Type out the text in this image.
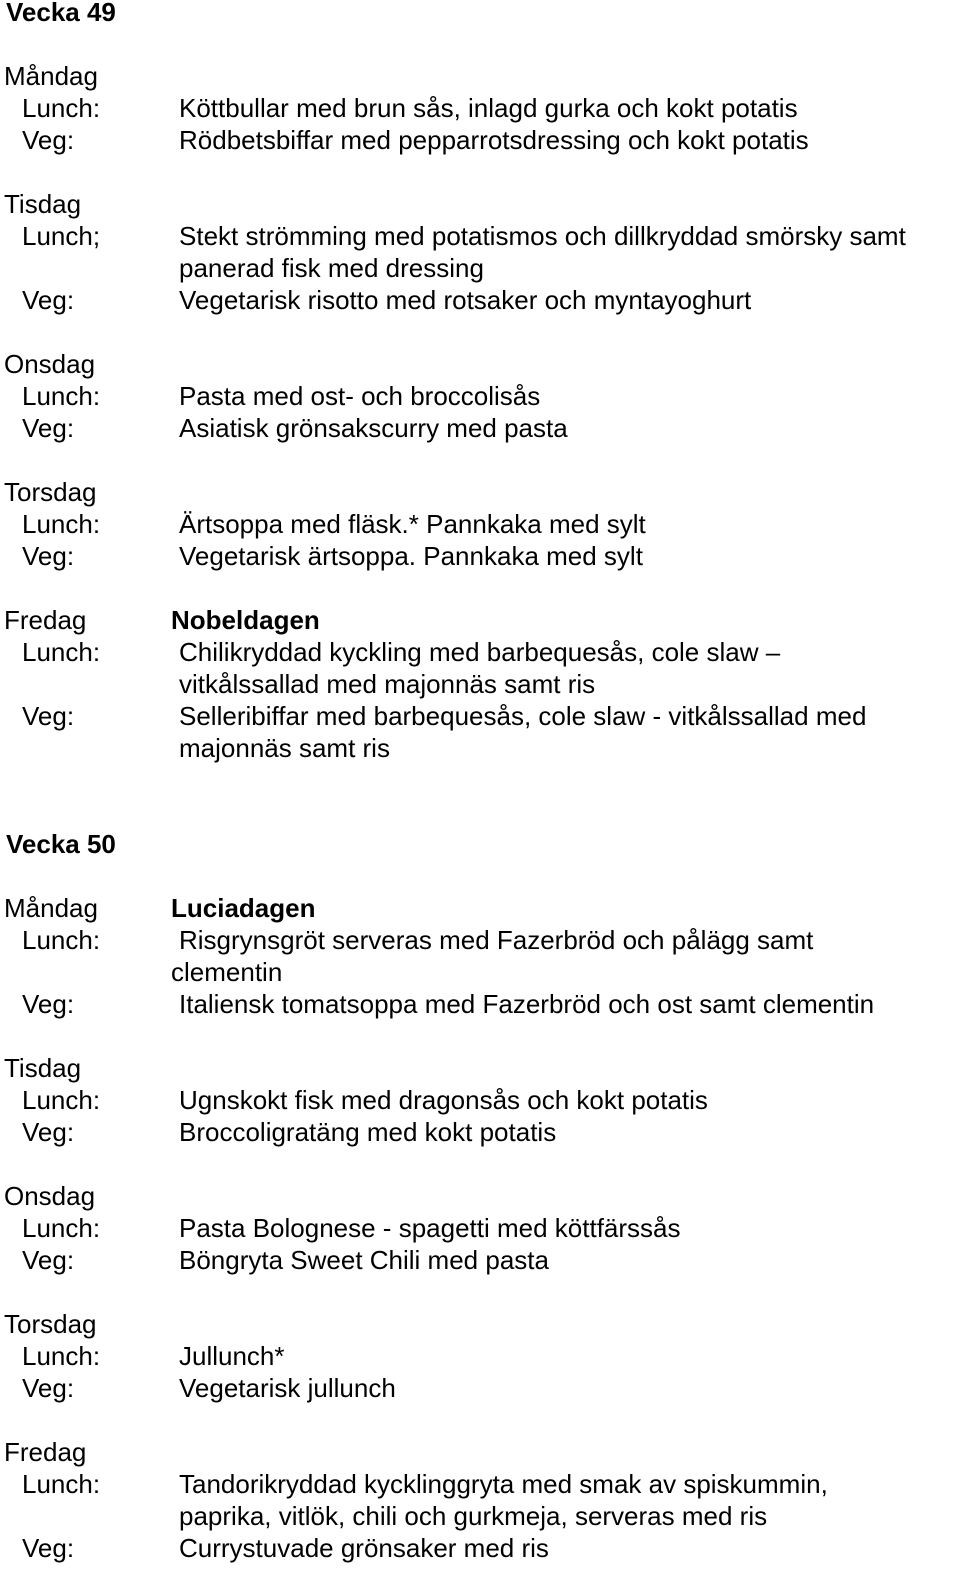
Vecka 49
Måndag
Lunch:	Köttbullar med brun sås, inlagd gurka och kokt potatis
Veg:	Rödbetsbiffar med pepparrotsdressing och kokt potatis
Tisdag
Lunch;	Stekt strömming med potatismos och dillkryddad smörsky samt
panerad fisk med dressing
Veg:	Vegetarisk risotto med rotsaker och myntayoghurt
Onsdag
Lunch:	Pasta med ost- och broccolisås
Veg:	Asiatisk grönsakscurry med pasta
Torsdag
Lunch:	Ärtsoppa med fläsk.* Pannkaka med sylt
Veg:	Vegetarisk ärtsoppa. Pannkaka med sylt
Fredag	Nobeldagen
Lunch:	Chilikryddad kyckling med barbequesås, cole slaw –
vitkålssallad med majonnäs samt ris
Veg:	Selleribiffar med barbequesås, cole slaw - vitkålssallad med
majonnäs samt ris
Vecka 50
Måndag	Luciadagen
Lunch:	Risgrynsgröt serveras med Fazerbröd och pålägg samt
clementin
Veg:	Italiensk tomatsoppa med Fazerbröd och ost samt clementin
Tisdag
Lunch:	Ugnskokt fisk med dragonsås och kokt potatis
Veg:	Broccoligratäng med kokt potatis
Onsdag
Lunch:	Pasta Bolognese - spagetti med köttfärssås
Veg:	Böngryta Sweet Chili med pasta
Torsdag
Lunch:	Jullunch*
Veg:	Vegetarisk jullunch
Fredag
Lunch:	Tandorikryddad kycklinggryta med smak av spiskummin,
paprika, vitlök, chili och gurkmeja, serveras med ris
Veg:	Currystuvade grönsaker med ris
